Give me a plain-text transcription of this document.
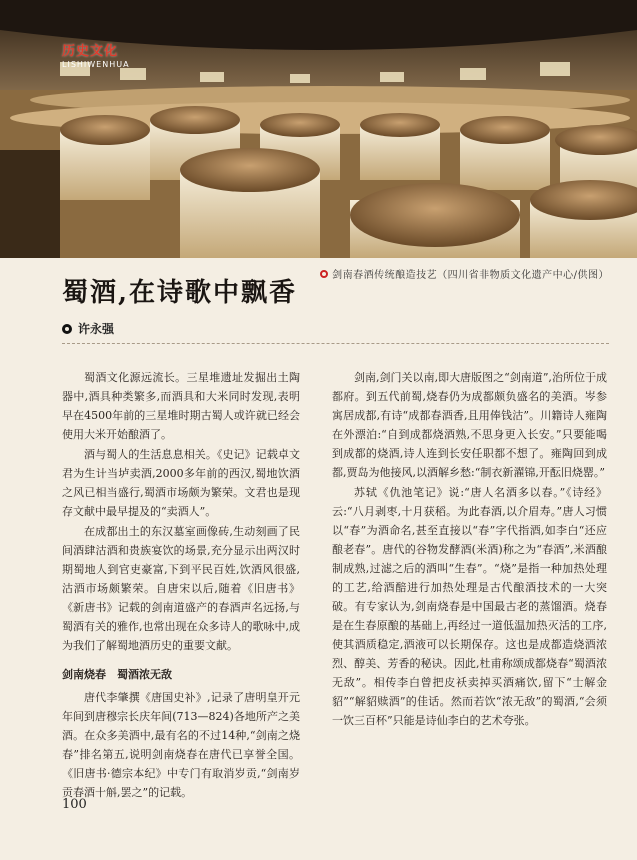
历史文化
LISHIWENHUA
剑南春酒传统酿造技艺（四川省非物质文化遗产中心/供图）
蜀酒,在诗歌中飘香
许永强

蜀酒文化源远流长。三星堆遗址发掘出土陶器中,酒具种类繁多,而酒具和大米同时发现,表明早在4500年前的三星堆时期古蜀人或许就已经会使用大米开始酿酒了。

酒与蜀人的生活息息相关。《史记》记载卓文君为生计当垆卖酒,2000多年前的西汉,蜀地饮酒之风已相当盛行,蜀酒市场颇为繁荣。文君也是现存文献中最早提及的“卖酒人”。

在成都出土的东汉墓室画像砖,生动刻画了民间酒肆沽酒和贵族宴饮的场景,充分显示出两汉时期蜀地人到官吏豪富,下到平民百姓,饮酒风很盛,沽酒市场颇繁荣。自唐宋以后,随着《旧唐书》《新唐书》记载的剑南道盛产的春酒声名远扬,与蜀酒有关的雅作,也常出现在众多诗人的歌咏中,成为我们了解蜀地酒历史的重要文献。

剑南烧春　蜀酒浓无敌

唐代李肇撰《唐国史补》,记录了唐明皇开元年间到唐穆宗长庆年间(713—824)各地所产之美酒。在众多美酒中,最有名的不过14种,“剑南之烧春”排名第五,说明剑南烧春在唐代已享誉全国。《旧唐书·德宗本纪》中专门有取消岁贡,“剑南岁贡春酒十斛,罢之”的记载。

剑南,剑门关以南,即大唐版图之“剑南道”,治所位于成都府。到五代前蜀,烧春仍为成都颇负盛名的美酒。岑参寓居成都,有诗“成都春酒香,且用俸钱沽”。川籍诗人雍陶在外漂泊:“自到成都烧酒熟,不思身更入长安。”只要能喝到成都的烧酒,诗人连到长安任职都不想了。雍陶回到成都,贾岛为他接风,以酒解乡愁:“制衣新濯锦,开酝旧烧罂。”

苏轼《仇池笔记》说:“唐人名酒多以春。”《诗经》云:“八月剥枣,十月获稻。为此春酒,以介眉寿。”唐人习惯以“春”为酒命名,甚至直接以“春”字代指酒,如李白“还应酿老春”。唐代的谷物发酵酒(米酒)称之为“春酒”,米酒酿制成熟,过滤之后的酒叫“生春”。“烧”是指一种加热处理的工艺,给酒醅进行加热处理是古代酿酒技术的一大突破。有专家认为,剑南烧春是中国最古老的蒸馏酒。烧春是在生春原酿的基础上,再经过一道低温加热灭活的工序,使其酒质稳定,酒液可以长期保存。这也是成都造烧酒浓烈、醇美、芳香的秘诀。因此,杜甫称颂成都烧春“蜀酒浓无敌”。相传李白曾把皮袄卖掉买酒痛饮,留下“士解金貂”“解貂赎酒”的佳话。然而若饮“浓无敌”的蜀酒,“会须一饮三百杯”只能是诗仙李白的艺术夸张。

100
